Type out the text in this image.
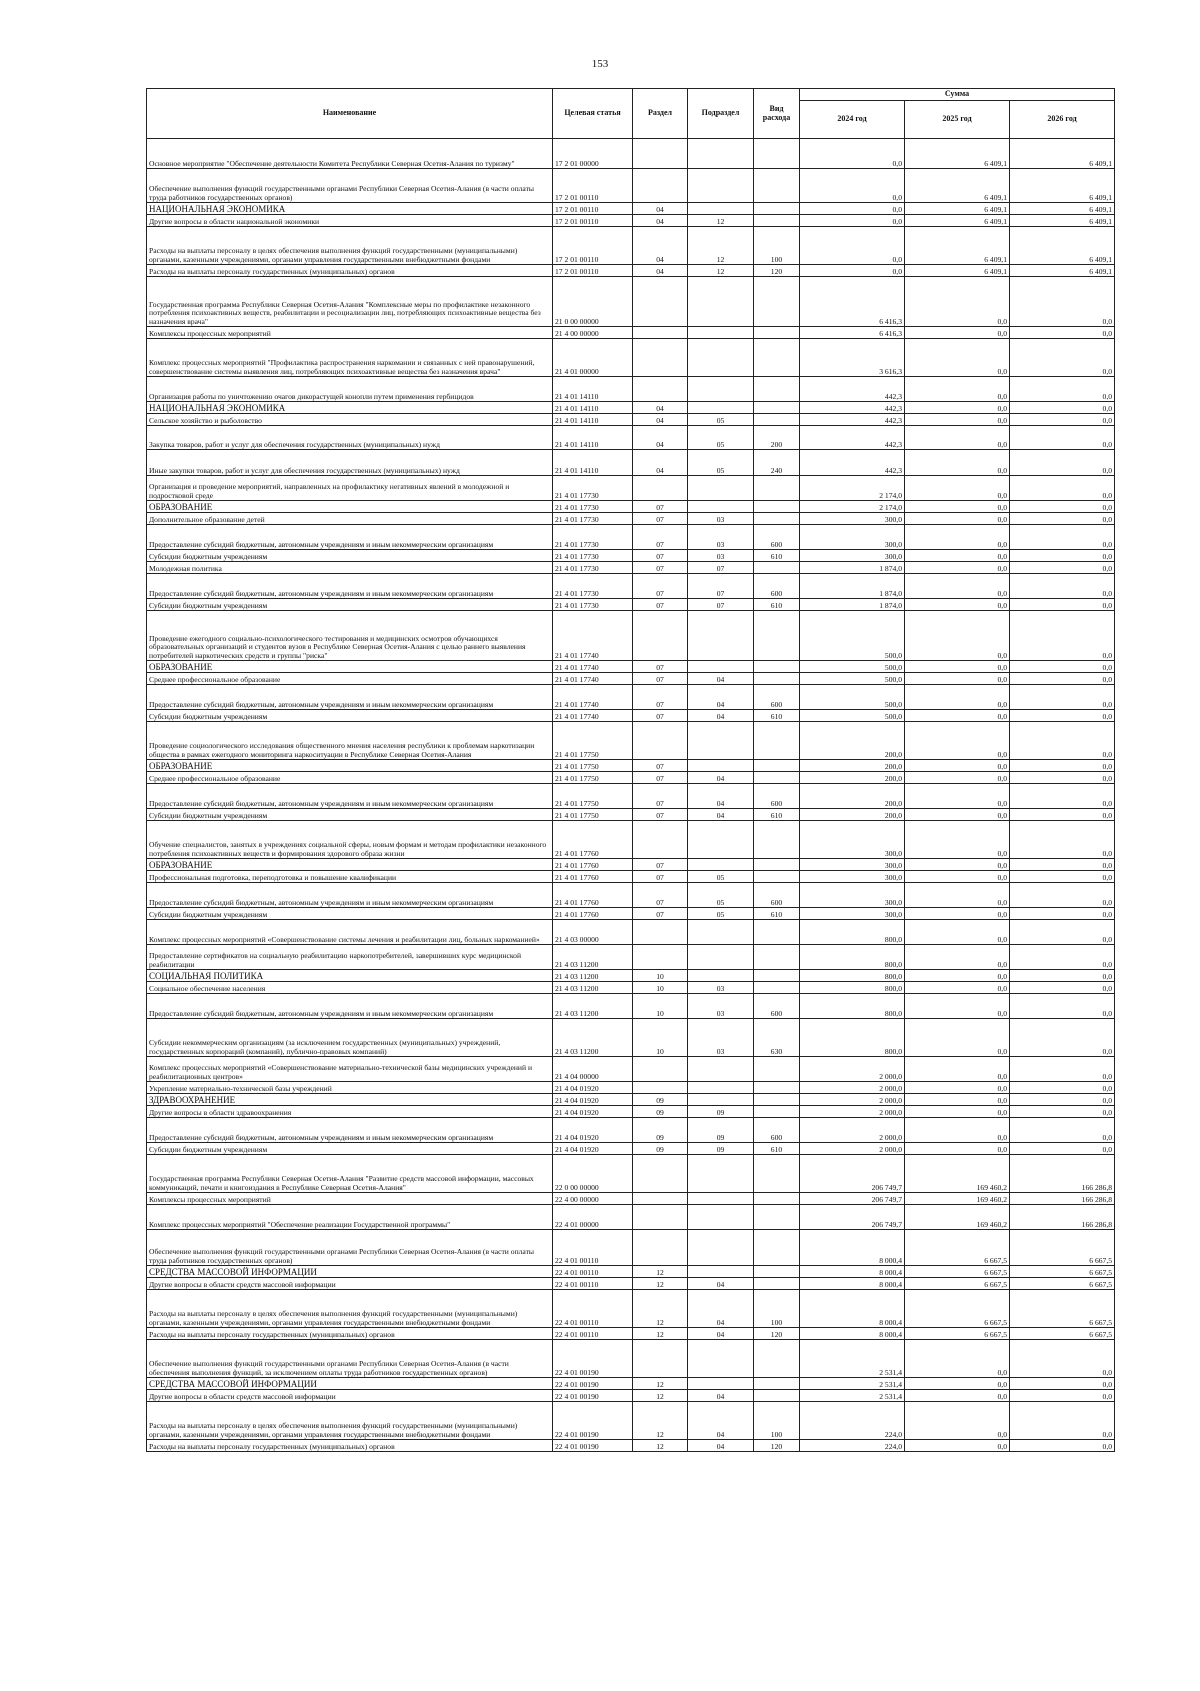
153
Наименование	Целевая статья	Раздел	Подраздел	Вид расхода	Сумма		
					2024 год	2025 год	2026 год
Основное мероприятие "Обеспечение деятельности Комитета Республики Северная Осетия-Алания по туризму"	17 2 01 00000				0,0	6 409,1	6 409,1
Обеспечение выполнения функций государственными органами Республики Северная Осетия-Алания (в части оплаты труда работников государственных органов)	17 2 01 00110				0,0	6 409,1	6 409,1
НАЦИОНАЛЬНАЯ ЭКОНОМИКА	17 2 01 00110	04			0,0	6 409,1	6 409,1
Другие вопросы в области национальной экономики	17 2 01 00110	04	12		0,0	6 409,1	6 409,1
Расходы на выплаты персоналу в целях обеспечения выполнения функций государственными (муниципальными) органами, казенными учреждениями, органами управления государственными внебюджетными фондами	17 2 01 00110	04	12	100	0,0	6 409,1	6 409,1
Расходы на выплаты персоналу государственных (муниципальных) органов	17 2 01 00110	04	12	120	0,0	6 409,1	6 409,1
Государственная программа Республики Северная Осетия-Алания "Комплексные меры по профилактике незаконного потребления психоактивных веществ, реабилитации и ресоциализации лиц, потребляющих психоактивные вещества без назначения врача"	21 0 00 00000				6 416,3	0,0	0,0
Комплексы процессных мероприятий	21 4 00 00000				6 416,3	0,0	0,0
Комплекс процессных мероприятий "Профилактика распространения наркомании и связанных с ней правонарушений, совершенствование системы выявления лиц, потребляющих психоактивные вещества без назначения врача"	21 4 01 00000				3 616,3	0,0	0,0
Организация работы по уничтожению очагов дикорастущей конопли путем применения гербицидов	21 4 01 14110				442,3	0,0	0,0
НАЦИОНАЛЬНАЯ ЭКОНОМИКА	21 4 01 14110	04			442,3	0,0	0,0
Сельское хозяйство и рыболовство	21 4 01 14110	04	05		442,3	0,0	0,0
Закупка товаров, работ и услуг для обеспечения государственных (муниципальных) нужд	21 4 01 14110	04	05	200	442,3	0,0	0,0
Иные закупки товаров, работ и услуг для обеспечения государственных (муниципальных) нужд	21 4 01 14110	04	05	240	442,3	0,0	0,0
Организация и проведение мероприятий, направленных на профилактику негативных явлений в молодежной и подростковой среде	21 4 01 17730				2 174,0	0,0	0,0
ОБРАЗОВАНИЕ	21 4 01 17730	07			2 174,0	0,0	0,0
Дополнительное образование детей	21 4 01 17730	07	03		300,0	0,0	0,0
Предоставление субсидий бюджетным, автономным учреждениям и иным некоммерческим организациям	21 4 01 17730	07	03	600	300,0	0,0	0,0
Субсидии бюджетным учреждениям	21 4 01 17730	07	03	610	300,0	0,0	0,0
Молодежная политика	21 4 01 17730	07	07		1 874,0	0,0	0,0
Предоставление субсидий бюджетным, автономным учреждениям и иным некоммерческим организациям	21 4 01 17730	07	07	600	1 874,0	0,0	0,0
Субсидии бюджетным учреждениям	21 4 01 17730	07	07	610	1 874,0	0,0	0,0
Проведение ежегодного социально-психологического тестирования и медицинских осмотров обучающихся образовательных организаций и студентов вузов в Республике Северная Осетия-Алания с целью раннего выявления потребителей наркотических средств и группы "риска"	21 4 01 17740				500,0	0,0	0,0
ОБРАЗОВАНИЕ	21 4 01 17740	07			500,0	0,0	0,0
Среднее профессиональное образование	21 4 01 17740	07	04		500,0	0,0	0,0
Предоставление субсидий бюджетным, автономным учреждениям и иным некоммерческим организациям	21 4 01 17740	07	04	600	500,0	0,0	0,0
Субсидии бюджетным учреждениям	21 4 01 17740	07	04	610	500,0	0,0	0,0
Проведение социологического исследования общественного мнения населения республики к проблемам наркотизации общества в рамках ежегодного мониторинга наркоситуации в Республике Северная Осетия-Алания	21 4 01 17750				200,0	0,0	0,0
ОБРАЗОВАНИЕ	21 4 01 17750	07			200,0	0,0	0,0
Среднее профессиональное образование	21 4 01 17750	07	04		200,0	0,0	0,0
Предоставление субсидий бюджетным, автономным учреждениям и иным некоммерческим организациям	21 4 01 17750	07	04	600	200,0	0,0	0,0
Субсидии бюджетным учреждениям	21 4 01 17750	07	04	610	200,0	0,0	0,0
Обучение специалистов, занятых в учреждениях социальной сферы, новым формам и методам профилактики незаконного потребления психоактивных веществ и формирования здорового образа жизни	21 4 01 17760				300,0	0,0	0,0
ОБРАЗОВАНИЕ	21 4 01 17760	07			300,0	0,0	0,0
Профессиональная подготовка, переподготовка и повышение квалификации	21 4 01 17760	07	05		300,0	0,0	0,0
Предоставление субсидий бюджетным, автономным учреждениям и иным некоммерческим организациям	21 4 01 17760	07	05	600	300,0	0,0	0,0
Субсидии бюджетным учреждениям	21 4 01 17760	07	05	610	300,0	0,0	0,0
Комплекс процессных мероприятий «Совершенствование системы лечения и реабилитации лиц, больных наркоманией»	21 4 03 00000				800,0	0,0	0,0
Предоставление сертификатов на социальную реабилитацию наркопотребителей, завершивших курс медицинской реабилитации	21 4 03 11200				800,0	0,0	0,0
СОЦИАЛЬНАЯ ПОЛИТИКА	21 4 03 11200	10			800,0	0,0	0,0
Социальное обеспечение населения	21 4 03 11200	10	03		800,0	0,0	0,0
Предоставление субсидий бюджетным, автономным учреждениям и иным некоммерческим организациям	21 4 03 11200	10	03	600	800,0	0,0	0,0
Субсидии некоммерческим организациям (за исключением государственных (муниципальных) учреждений, государственных корпораций (компаний), публично-правовых компаний)	21 4 03 11200	10	03	630	800,0	0,0	0,0
Комплекс процессных мероприятий «Совершенствование материально-технической базы медицинских учреждений и реабилитационных центров»	21 4 04 00000				2 000,0	0,0	0,0
Укрепление материально-технической базы учреждений	21 4 04 01920				2 000,0	0,0	0,0
ЗДРАВООХРАНЕНИЕ	21 4 04 01920	09			2 000,0	0,0	0,0
Другие вопросы в области здравоохранения	21 4 04 01920	09	09		2 000,0	0,0	0,0
Предоставление субсидий бюджетным, автономным учреждениям и иным некоммерческим организациям	21 4 04 01920	09	09	600	2 000,0	0,0	0,0
Субсидии бюджетным учреждениям	21 4 04 01920	09	09	610	2 000,0	0,0	0,0
Государственная программа Республики Северная Осетия-Алания "Развитие средств массовой информации, массовых коммуникаций, печати и книгоиздания в Республике Северная Осетия-Алания"	22 0 00 00000				206 749,7	169 460,2	166 286,8
Комплексы процессных мероприятий	22 4 00 00000				206 749,7	169 460,2	166 286,8
Комплекс процессных мероприятий "Обеспечение реализации Государственной программы"	22 4 01 00000				206 749,7	169 460,2	166 286,8
Обеспечение выполнения функций государственными органами Республики Северная Осетия-Алания (в части оплаты труда работников государственных органов)	22 4 01 00110				8 000,4	6 667,5	6 667,5
СРЕДСТВА МАССОВОЙ ИНФОРМАЦИИ	22 4 01 00110	12			8 000,4	6 667,5	6 667,5
Другие вопросы в области средств массовой информации	22 4 01 00110	12	04		8 000,4	6 667,5	6 667,5
Расходы на выплаты персоналу в целях обеспечения выполнения функций государственными (муниципальными) органами, казенными учреждениями, органами управления государственными внебюджетными фондами	22 4 01 00110	12	04	100	8 000,4	6 667,5	6 667,5
Расходы на выплаты персоналу государственных (муниципальных) органов	22 4 01 00110	12	04	120	8 000,4	6 667,5	6 667,5
Обеспечение выполнения функций государственными органами Республики Северная Осетия-Алания (в части обеспечения выполнения функций, за исключением оплаты труда работников государственных органов)	22 4 01 00190				2 531,4	0,0	0,0
СРЕДСТВА МАССОВОЙ ИНФОРМАЦИИ	22 4 01 00190	12			2 531,4	0,0	0,0
Другие вопросы в области средств массовой информации	22 4 01 00190	12	04		2 531,4	0,0	0,0
Расходы на выплаты персоналу в целях обеспечения выполнения функций государственными (муниципальными) органами, казенными учреждениями, органами управления государственными внебюджетными фондами	22 4 01 00190	12	04	100	224,0	0,0	0,0
Расходы на выплаты персоналу государственных (муниципальных) органов	22 4 01 00190	12	04	120	224,0	0,0	0,0
